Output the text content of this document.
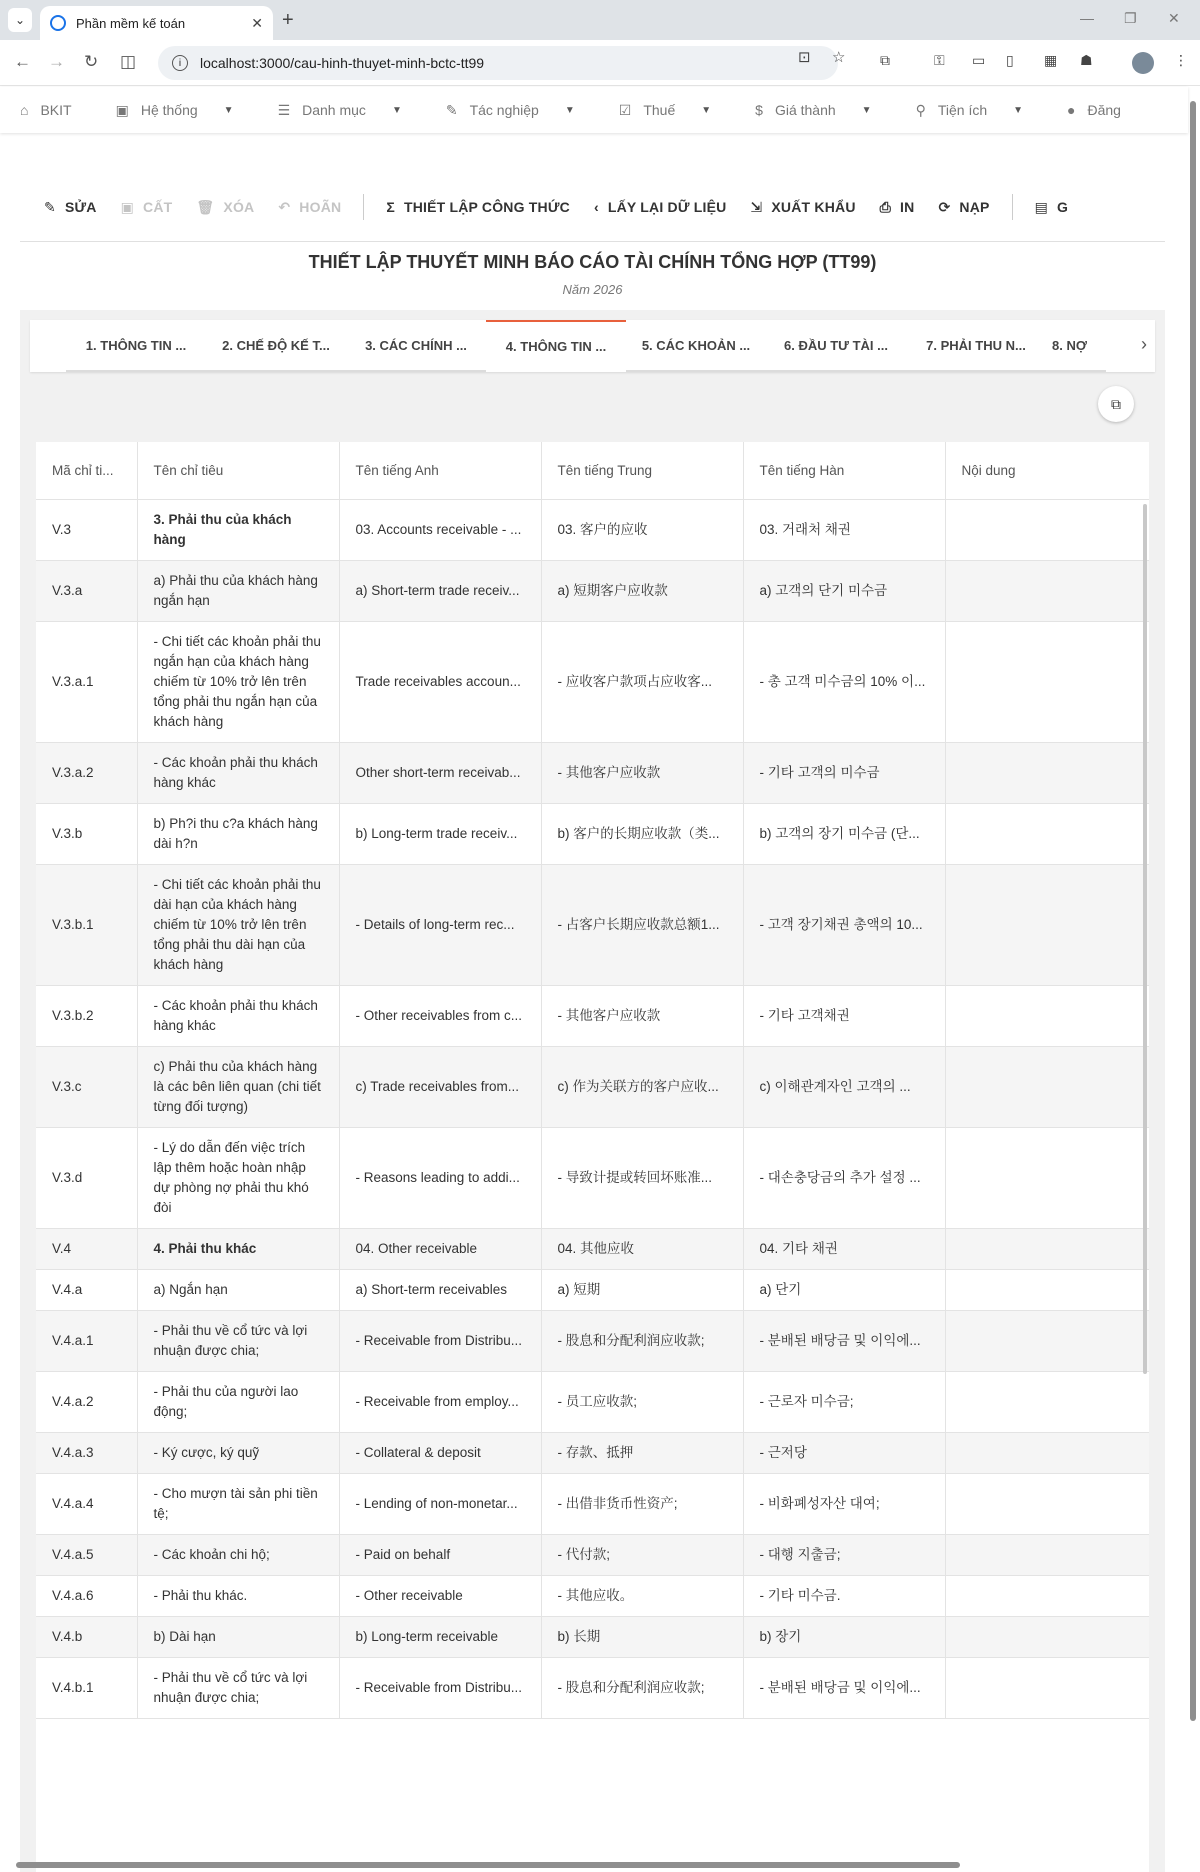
⌄	Phần mềm kế toán	✕ +	— ❐ ✕
← → ↻ ◫	i	localhost:3000/cau-hinh-thuyet-minh-bctc-tt99	⊡ ☆ ⧉	⚿ ▭ ▯ ▦ ☗	⋮
⌂ BKIT	▣ Hệ thống	▼	☰ Danh mục	▼	✎ Tác nghiệp	▼	☑ Thuế	▼	$ Giá thành	▼	⚲ Tiện ích	▼	● Đăng
✎ SỬA ▣ CẤT 🗑 XÓA ↶ HOÃN	Σ THIẾT LẬP CÔNG THỨC ‹ LẤY LẠI DỮ LIỆU ⇲ XUẤT KHẨU ⎙ IN ⟳ NẠP	▤ G
THIẾT LẬP THUYẾT MINH BÁO CÁO TÀI CHÍNH TỔNG HỢP (TT99)
Năm 2026
1. THÔNG TIN ...	2. CHẾ ĐỘ KẾ T...	3. CÁC CHÍNH ...	4. THÔNG TIN ...	5. CÁC KHOẢN ...	6. ĐẦU TƯ TÀI ...	7. PHẢI THU N...	8. NỢ	›
⧉
Mã chỉ ti...	Tên chỉ tiêu	Tên tiếng Anh	Tên tiếng Trung	Tên tiếng Hàn	Nội dung
V.3	3. Phải thu của khách hàng	03. Accounts receivable - ...	03. 客户的应收	03. 거래처 채권	
V.3.a	a) Phải thu của khách hàng ngắn hạn	a) Short-term trade receiv...	a) 短期客户应收款	a) 고객의 단기 미수금	
V.3.a.1	- Chi tiết các khoản phải thu ngắn hạn của khách hàng chiếm từ 10% trở lên trên tổng phải thu ngắn hạn của khách hàng	Trade receivables accoun...	- 应收客户款项占应收客...	- 총 고객 미수금의 10% 이...	
V.3.a.2	- Các khoản phải thu khách hàng khác	Other short-term receivab...	- 其他客户应收款	- 기타 고객의 미수금	
V.3.b	b) Ph?i thu c?a khách hàng dài h?n	b) Long-term trade receiv...	b) 客户的长期应收款（类...	b) 고객의 장기 미수금 (단...	
V.3.b.1	- Chi tiết các khoản phải thu dài hạn của khách hàng chiếm từ 10% trở lên trên tổng phải thu dài hạn của khách hàng	- Details of long-term rec...	- 占客户长期应收款总额1...	- 고객 장기채권 총액의 10...	
V.3.b.2	- Các khoản phải thu khách hàng khác	- Other receivables from c...	- 其他客户应收款	- 기타 고객채권	
V.3.c	c) Phải thu của khách hàng là các bên liên quan (chi tiết từng đối tượng)	c) Trade receivables from...	c) 作为关联方的客户应收...	c) 이해관계자인 고객의 ...	
V.3.d	- Lý do dẫn đến việc trích lập thêm hoặc hoàn nhập dự phòng nợ phải thu khó đòi	- Reasons leading to addi...	- 导致计提或转回坏账准...	- 대손충당금의 추가 설정 ...	
V.4	4. Phải thu khác	04. Other receivable	04. 其他应收	04. 기타 채권	
V.4.a	a) Ngắn hạn	a) Short-term receivables	a) 短期	a) 단기	
V.4.a.1	- Phải thu về cổ tức và lợi nhuận được chia;	- Receivable from Distribu...	- 股息和分配利润应收款;	- 분배된 배당금 및 이익에...	
V.4.a.2	- Phải thu của người lao động;	- Receivable from employ...	- 员工应收款;	- 근로자 미수금;	
V.4.a.3	- Ký cược, ký quỹ	- Collateral & deposit	- 存款、抵押	- 근저당	
V.4.a.4	- Cho mượn tài sản phi tiền tệ;	- Lending of non-monetar...	- 出借非货币性资产;	- 비화폐성자산 대여;	
V.4.a.5	- Các khoản chi hộ;	- Paid on behalf	- 代付款;	- 대행 지출금;	
V.4.a.6	- Phải thu khác.	- Other receivable	- 其他应收。	- 기타 미수금.	
V.4.b	b) Dài hạn	b) Long-term receivable	b) 长期	b) 장기	
V.4.b.1	- Phải thu về cổ tức và lợi nhuận được chia;	- Receivable from Distribu...	- 股息和分配利润应收款;	- 분배된 배당금 및 이익에...	
